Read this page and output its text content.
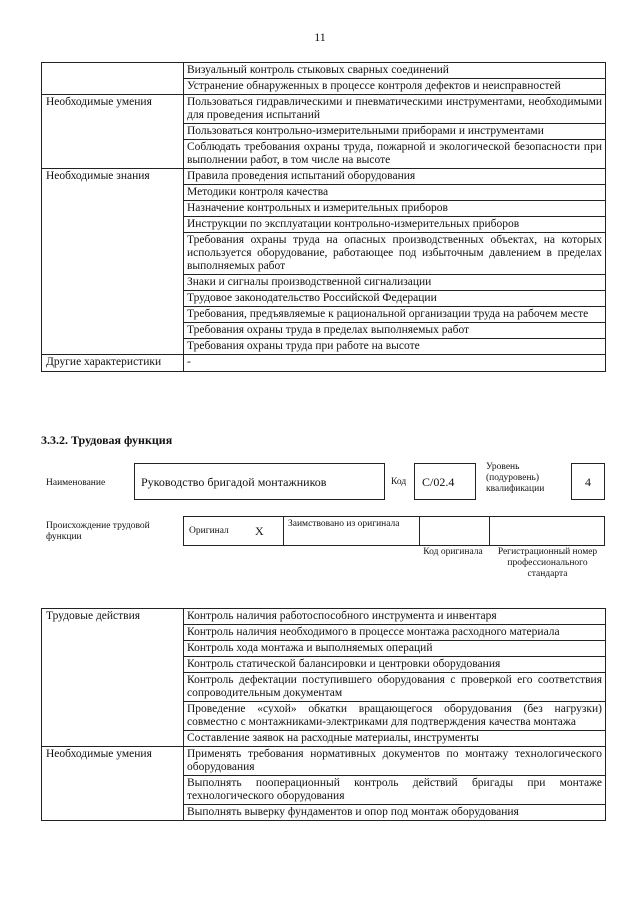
11
	Визуальный контроль стыковых сварных соединений
	Устранение обнаруженных в процессе контроля дефектов и неисправностей
Необходимые умения	Пользоваться гидравлическими и пневматическими инструментами, необходимыми для проведения испытаний
	Пользоваться контрольно-измерительными приборами и инструментами
	Соблюдать требования охраны труда, пожарной и экологической безопасности при выполнении работ, в том числе на высоте
Необходимые знания	Правила проведения испытаний оборудования
	Методики контроля качества
	Назначение контрольных и измерительных приборов
	Инструкции по эксплуатации контрольно-измерительных приборов
	Требования охраны труда на опасных производственных объектах, на которых используется оборудование, работающее под избыточным давлением в пределах выполняемых работ
	Знаки и сигналы производственной сигнализации
	Трудовое законодательство Российской Федерации
	Требования, предъявляемые к рациональной организации труда на рабочем месте
	Требования охраны труда в пределах выполняемых работ
	Требования охраны труда при работе на высоте
Другие характеристики	-
3.3.2. Трудовая функция
Наименование	Руководство бригадой монтажников	Код С/02.4
Уровень (подуровень) квалификации	4
Происхождение трудовой функции
Оригинал X	Заимствовано из оригинала
Код оригинала	Регистрационный номер профессионального стандарта
Трудовые действия	Контроль наличия работоспособного инструмента и инвентаря
	Контроль наличия необходимого в процессе монтажа расходного материала
	Контроль хода монтажа и выполняемых операций
	Контроль статической балансировки и центровки оборудования
	Контроль дефектации поступившего оборудования с проверкой его соответствия сопроводительным документам
	Проведение «сухой» обкатки вращающегося оборудования (без нагрузки) совместно с монтажниками-электриками для подтверждения качества монтажа
	Составление заявок на расходные материалы, инструменты
Необходимые умения	Применять требования нормативных документов по монтажу технологического оборудования
	Выполнять пооперационный контроль действий бригады при монтаже технологического оборудования
	Выполнять выверку фундаментов и опор под монтаж оборудования
